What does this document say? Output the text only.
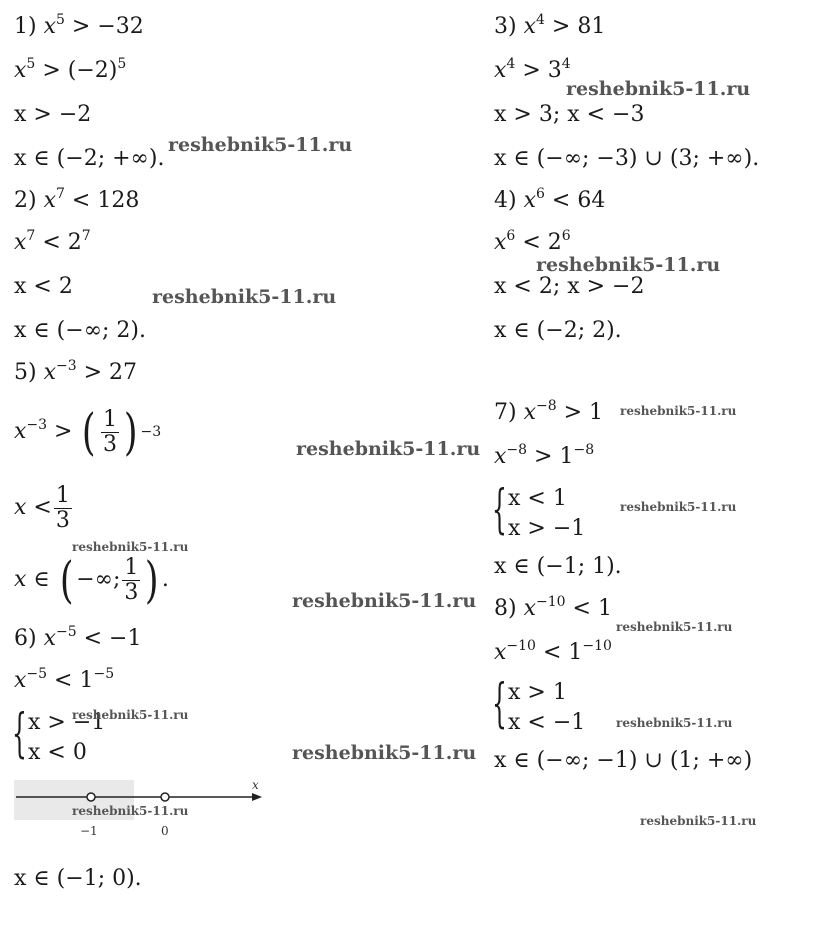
1) $x^5 > -32$
$x^5 > (-2)^5$
x > −2
x ∈ (−2; +∞).
2) $x^7 < 128$
$x^7 < 2^7$
x < 2
x ∈ (−∞; 2).
3) $x^4 > 81$
$x^4 > 3^4$
x > 3; x < −3
x ∈ (−∞; −3) ∪ (3; +∞).
4) $x^6 < 64$
$x^6 < 2^6$
x < 2; x > −2
x ∈ (−2; 2).
5) $x^{-3} > 27$
$x^{-3}$ > ( $\frac{1}{3}$ ) −3
$x < \frac{1}{3}$
x ∈ ( −∞; $\frac{1}{3}$ ) .
6) $x^{-5} < -1$
$x^{-5} < 1^{-5}$
{ x > −1
x < 0
x
−1	0
x ∈ (−1; 0).
7) $x^{-8} > 1$
$x^{-8} > 1^{-8}$
{ x < 1
x > −1
x ∈ (−1; 1).
8) $x^{-10} < 1$
$x^{-10} < 1^{-10}$
{ x > 1
x < −1
x ∈ (−∞; −1) ∪ (1; +∞)
reshebnik5-11.ru
reshebnik5-11.ru
reshebnik5-11.ru
reshebnik5-11.ru
reshebnik5-11.ru
reshebnik5-11.ru
reshebnik5-11.ru
reshebnik5-11.ru
reshebnik5-11.ru
reshebnik5-11.ru
reshebnik5-11.ru
reshebnik5-11.ru
reshebnik5-11.ru
reshebnik5-11.ru
reshebnik5-11.ru
